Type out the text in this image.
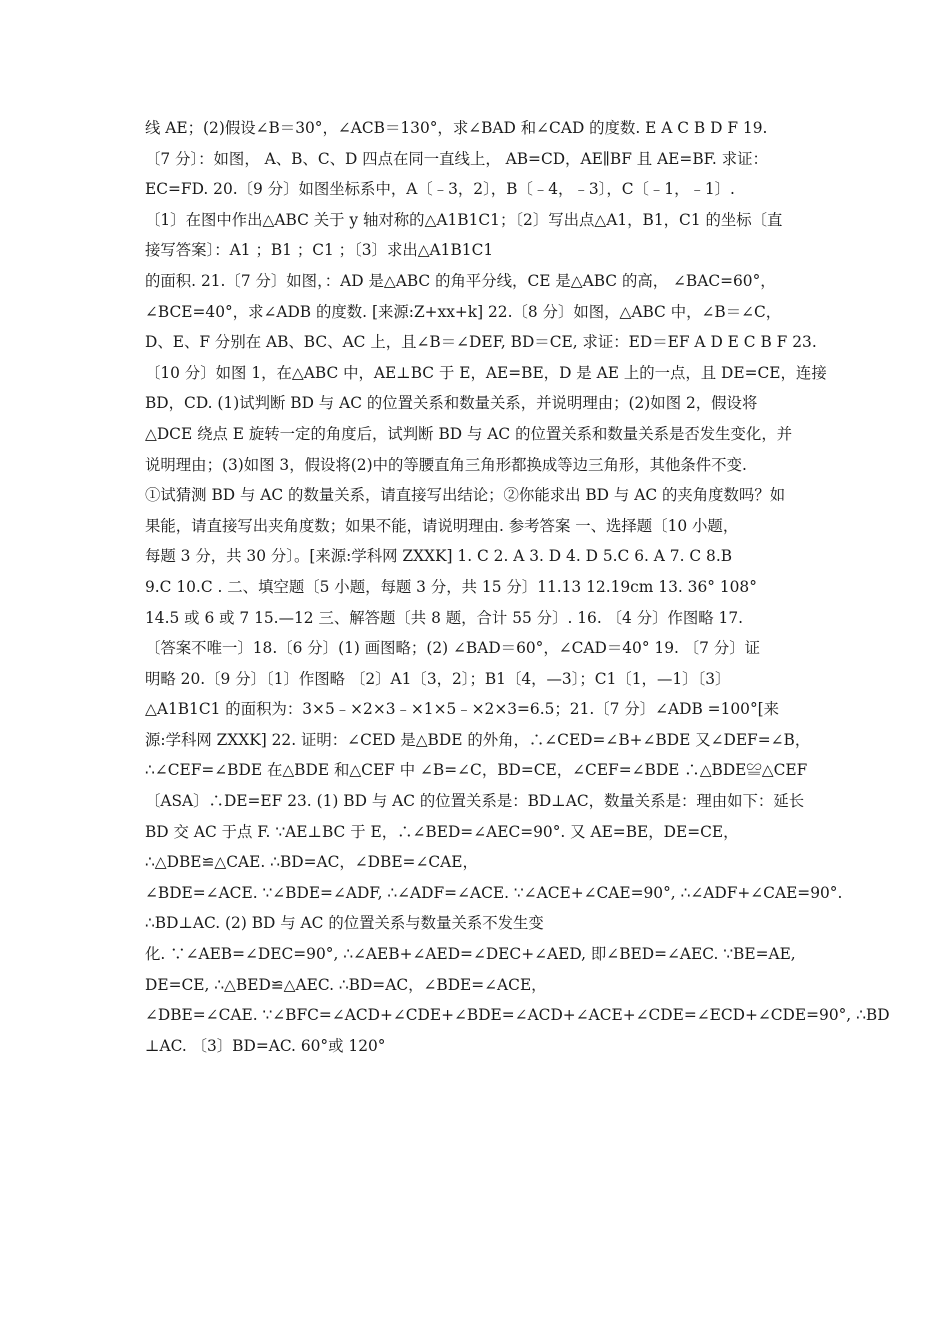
线 AE；(2)假设∠B＝30°，∠ACB＝130°，求∠BAD 和∠CAD 的度数. E A C B D F 19.
〔7 分〕：如图， A、B、C、D 四点在同一直线上， AB=CD，AE∥BF 且 AE=BF. 求证：
EC=FD. 20.〔9 分〕如图坐标系中，A〔﹣3，2〕，B〔﹣4，﹣3〕，C〔﹣1，﹣1〕.
〔1〕在图中作出△ABC 关于 y 轴对称的△A1B1C1；〔2〕写出点△A1，B1，C1 的坐标〔直
接写答案〕：A1 ；B1 ；C1 ；〔3〕求出△A1B1C1
的面积. 21.〔7 分〕如图，：AD 是△ABC 的角平分线，CE 是△ABC 的高， ∠BAC=60°，
∠BCE=40°，求∠ADB 的度数. [来源:Z+xx+k] 22.〔8 分〕如图，△ABC 中，∠B＝∠C，
D、E、F 分别在 AB、BC、AC 上，且∠B＝∠DEF, BD＝CE, 求证：ED＝EF A D E C B F 23.
〔10 分〕如图 1，在△ABC 中，AE⊥BC 于 E，AE=BE，D 是 AE 上的一点，且 DE=CE，连接
BD，CD. (1)试判断 BD 与 AC 的位置关系和数量关系，并说明理由；(2)如图 2，假设将
△DCE 绕点 E 旋转一定的角度后，试判断 BD 与 AC 的位置关系和数量关系是否发生变化，并
说明理由；(3)如图 3，假设将(2)中的等腰直角三角形都换成等边三角形，其他条件不变.
①试猜测 BD 与 AC 的数量关系，请直接写出结论；②你能求出 BD 与 AC 的夹角度数吗？如
果能，请直接写出夹角度数；如果不能，请说明理由. 参考答案 一、选择题〔10 小题，
每题 3 分，共 30 分〕。[来源:学科网 ZXXK] 1. C 2. A 3. D 4. D 5.C 6. A 7. C 8.B
9.C 10.C . 二、填空题〔5 小题，每题 3 分，共 15 分〕11.13 12.19cm 13. 36° 108°
14.5 或 6 或 7 15.—12 三、解答题〔共 8 题，合计 55 分〕. 16. 〔4 分〕作图略 17.
〔答案不唯一〕18.〔6 分〕(1) 画图略；(2) ∠BAD＝60°，∠CAD＝40° 19. 〔7 分〕证
明略 20.〔9 分〕〔1〕作图略 〔2〕A1〔3，2〕；B1〔4，—3〕；C1〔1，—1〕〔3〕
△A1B1C1 的面积为：3×5﹣×2×3﹣×1×5﹣×2×3=6.5；21.〔7 分〕∠ADB =100°[来
源:学科网 ZXXK] 22. 证明：∠CED 是△BDE 的外角，∴∠CED=∠B+∠BDE 又∠DEF=∠B，
∴∠CEF=∠BDE 在△BDE 和△CEF 中 ∠B=∠C，BD=CE，∠CEF=∠BDE ∴△BDE≌△CEF
〔ASA〕∴DE=EF 23. (1) BD 与 AC 的位置关系是：BD⊥AC，数量关系是：理由如下：延长
BD 交 AC 于点 F. ∵AE⊥BC 于 E，∴∠BED=∠AEC=90°. 又 AE=BE，DE=CE，
∴△DBE≌△CAE. ∴BD=AC，∠DBE=∠CAE，
∠BDE=∠ACE. ∵∠BDE=∠ADF, ∴∠ADF=∠ACE. ∵∠ACE+∠CAE=90°, ∴∠ADF+∠CAE=90°.
∴BD⊥AC. (2) BD 与 AC 的位置关系与数量关系不发生变
化. ∵∠AEB=∠DEC=90°, ∴∠AEB+∠AED=∠DEC+∠AED, 即∠BED=∠AEC. ∵BE=AE,
DE=CE, ∴△BED≌△AEC. ∴BD=AC，∠BDE=∠ACE，
∠DBE=∠CAE. ∵∠BFC=∠ACD+∠CDE+∠BDE=∠ACD+∠ACE+∠CDE=∠ECD+∠CDE=90°, ∴BD
⊥AC. 〔3〕BD=AC. 60°或 120°
